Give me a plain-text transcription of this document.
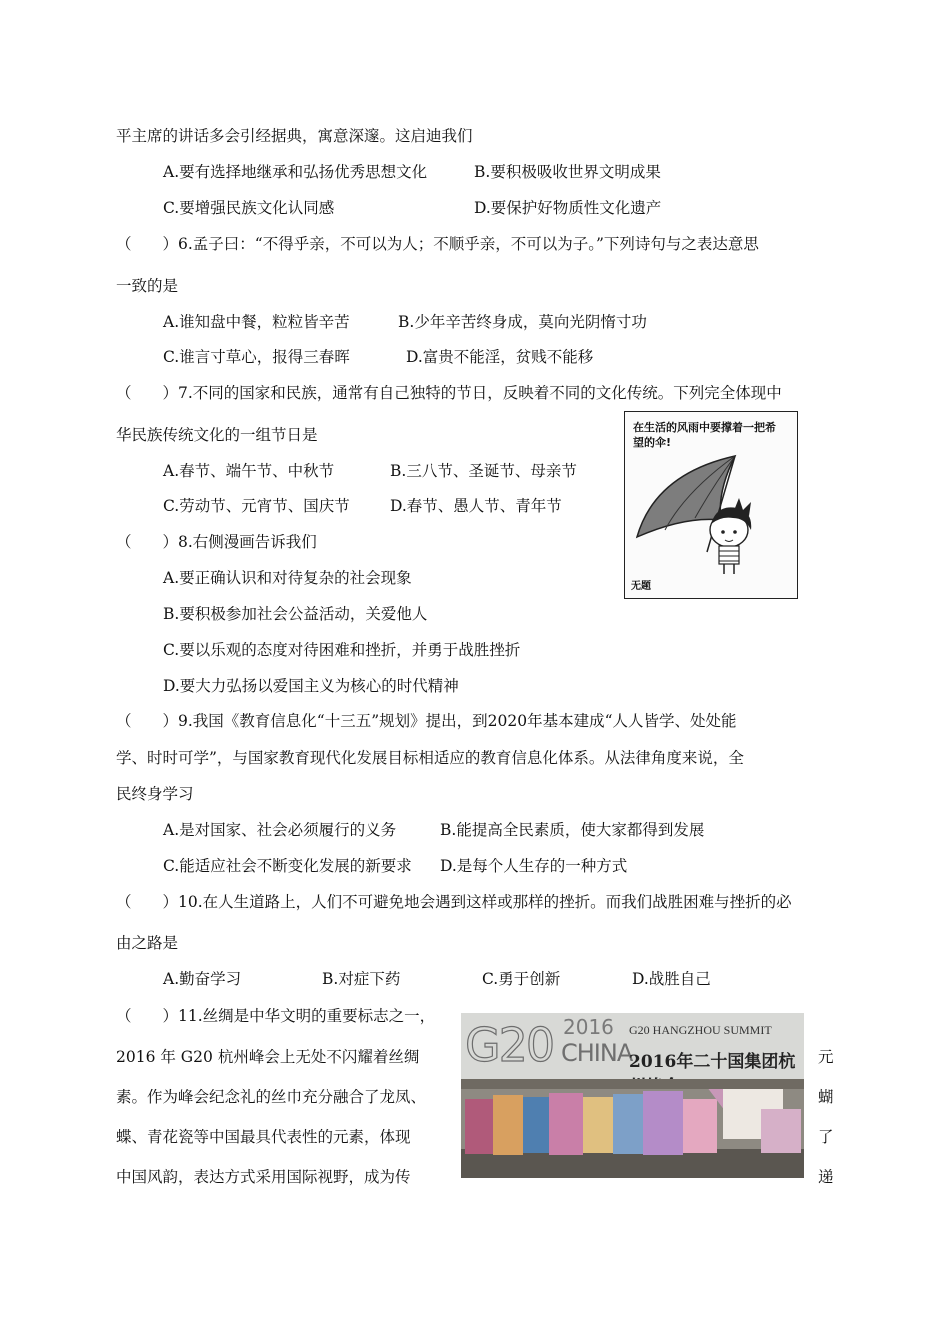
平主席的讲话多会引经据典，寓意深邃。这启迪我们
A.要有选择地继承和弘扬优秀思想文化	B.要积极吸收世界文明成果
C.要增强民族文化认同感	D.要保护好物质性文化遗产
（　　）6.孟子曰：“不得乎亲，不可以为人；不顺乎亲，不可以为子。”下列诗句与之表达意思
一致的是
A.谁知盘中餐，粒粒皆辛苦	B.少年辛苦终身成，莫向光阴惰寸功
C.谁言寸草心，报得三春晖	D.富贵不能淫，贫贱不能移
（　　）7.不同的国家和民族，通常有自己独特的节日，反映着不同的文化传统。下列完全体现中
华民族传统文化的一组节日是
A.春节、端午节、中秋节	B.三八节、圣诞节、母亲节
C.劳动节、元宵节、国庆节	D.春节、愚人节、青年节
（　　）8.右侧漫画告诉我们
A.要正确认识和对待复杂的社会现象
B.要积极参加社会公益活动，关爱他人
C.要以乐观的态度对待困难和挫折，并勇于战胜挫折
D.要大力弘扬以爱国主义为核心的时代精神
（　　）9.我国《教育信息化“十三五”规划》提出，到2020年基本建成“人人皆学、处处能
学、时时可学”，与国家教育现代化发展目标相适应的教育信息化体系。从法律角度来说，全
民终身学习
A.是对国家、社会必须履行的义务	B.能提高全民素质，使大家都得到发展
C.能适应社会不断变化发展的新要求 D.是每个人生存的一种方式
（　　）10.在人生道路上，人们不可避免地会遇到这样或那样的挫折。而我们战胜困难与挫折的必
由之路是
A.勤奋学习	B.对症下药	C.勇于创新	D.战胜自己
（　　）11.丝绸是中华文明的重要标志之一，
2016 年 G20 杭州峰会上无处不闪耀着丝绸	元
素。作为峰会纪念礼的丝巾充分融合了龙凤、	蝴
蝶、青花瓷等中国最具代表性的元素，体现	了
中国风韵，表达方式采用国际视野，成为传	递
在生活的风雨中要撑着一把希望的伞!
无题
G20 2016
CHINA
G20 HANGZHOU SUMMIT
2016年二十国集团杭
